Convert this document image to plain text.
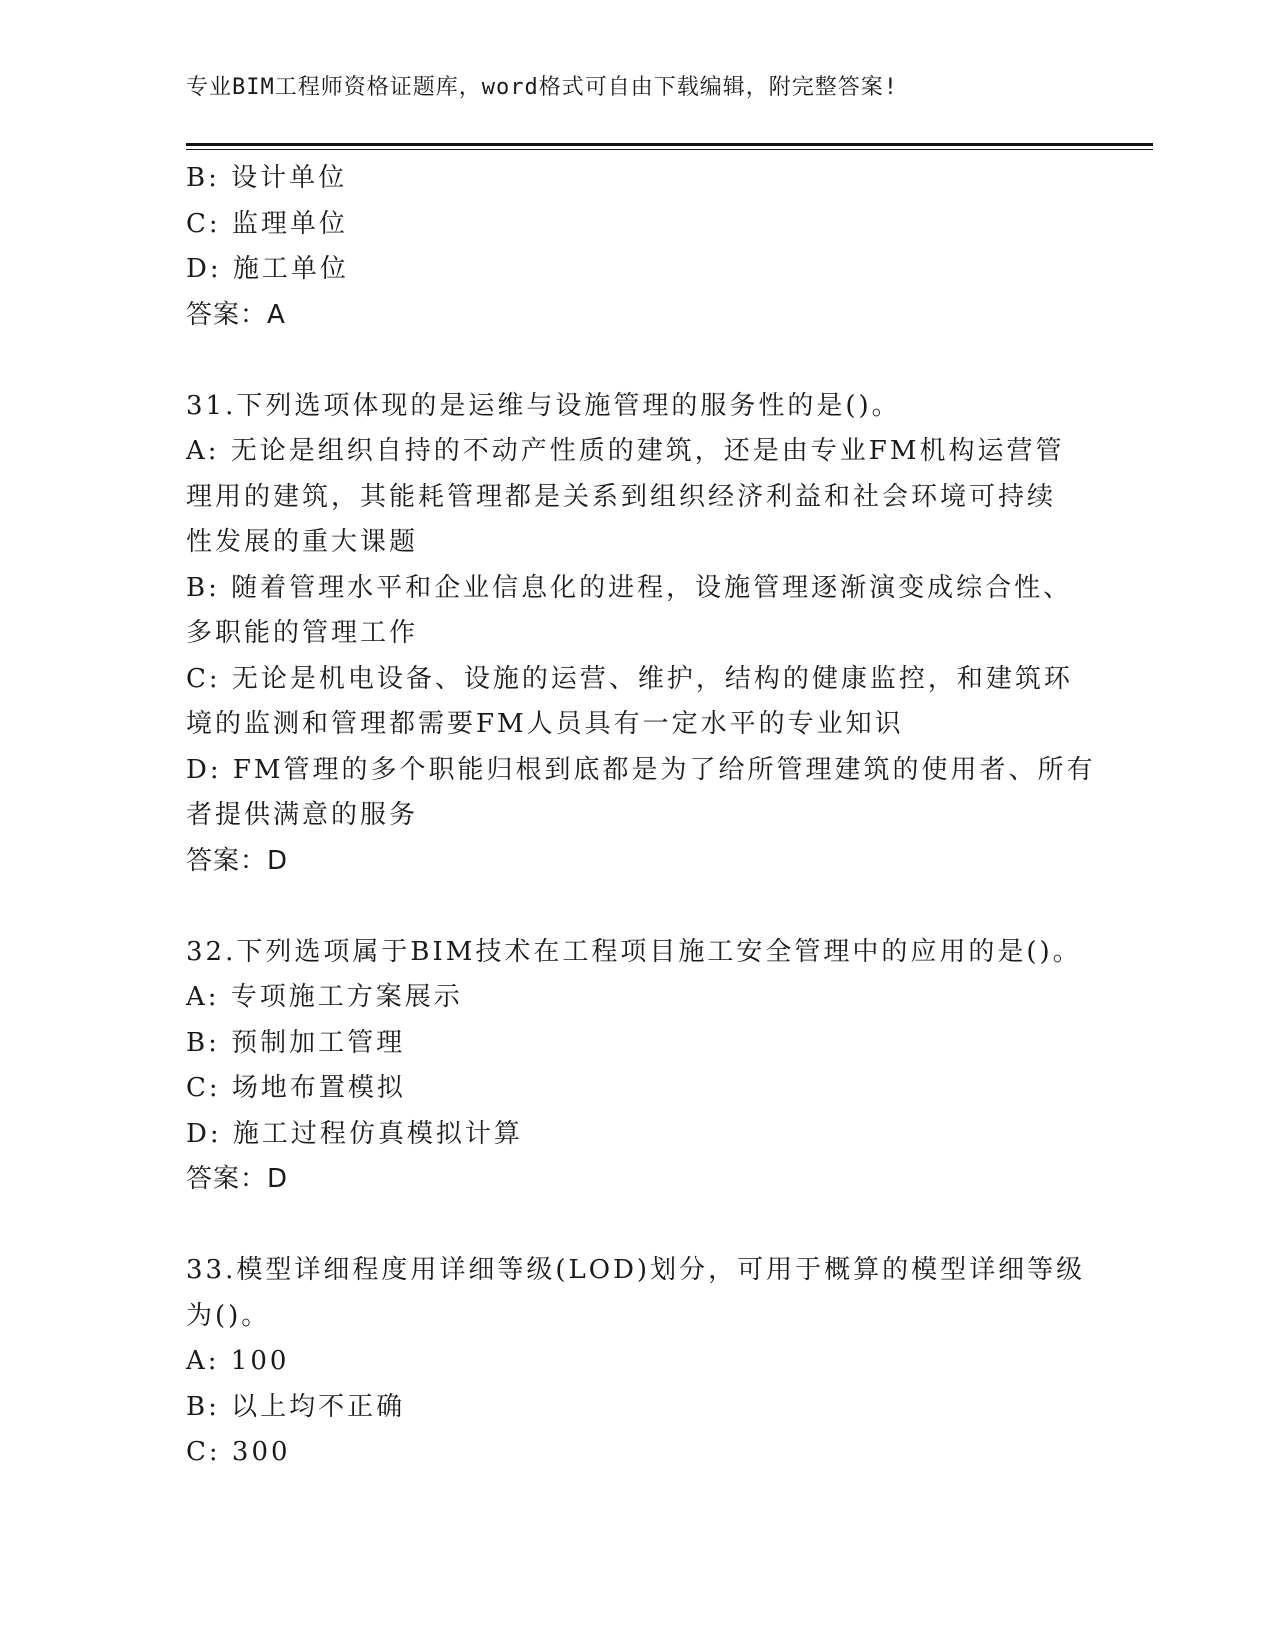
专业BIM工程师资格证题库，word格式可自由下载编辑，附完整答案!
B: 设计单位
C: 监理单位
D: 施工单位
答案：A
31.下列选项体现的是运维与设施管理的服务性的是()。
A: 无论是组织自持的不动产性质的建筑，还是由专业FM机构运营管
理用的建筑，其能耗管理都是关系到组织经济利益和社会环境可持续
性发展的重大课题
B: 随着管理水平和企业信息化的进程，设施管理逐渐演变成综合性、
多职能的管理工作
C: 无论是机电设备、设施的运营、维护，结构的健康监控，和建筑环
境的监测和管理都需要FM人员具有一定水平的专业知识
D: FM管理的多个职能归根到底都是为了给所管理建筑的使用者、所有
者提供满意的服务
答案：D
32.下列选项属于BIM技术在工程项目施工安全管理中的应用的是()。
A: 专项施工方案展示
B: 预制加工管理
C: 场地布置模拟
D: 施工过程仿真模拟计算
答案：D
33.模型详细程度用详细等级(LOD)划分，可用于概算的模型详细等级
为()。
A: 100
B: 以上均不正确
C: 300
